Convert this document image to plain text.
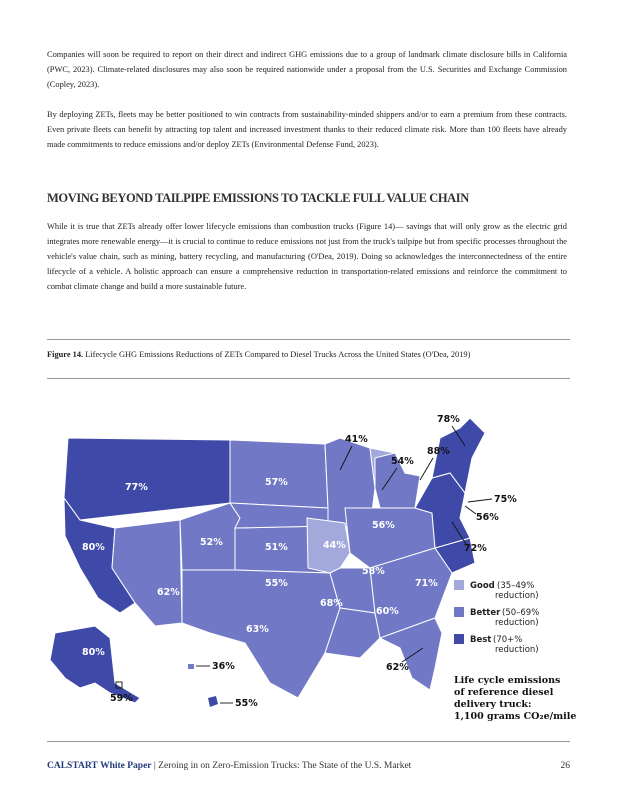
Companies will soon be required to report on their direct and indirect GHG emissions due to a group of landmark climate disclosure bills in California (PWC, 2023). Climate-related disclosures may also soon be required nationwide under a proposal from the U.S. Securities and Exchange Commission (Copley, 2023).

By deploying ZETs, fleets may be better positioned to win contracts from sustainability-minded shippers and/or to earn a premium from these contracts. Even private fleets can benefit by attracting top talent and increased investment thanks to their reduced climate risk. More than 100 fleets have already made commitments to reduce emissions and/or deploy ZETs (Environmental Defense Fund, 2023).

MOVING BEYOND TAILPIPE EMISSIONS TO TACKLE FULL VALUE CHAIN

While it is true that ZETs already offer lower lifecycle emissions than combustion trucks (Figure 14)— savings that will only grow as the electric grid integrates more renewable energy—it is crucial to continue to reduce emissions not just from the truck's tailpipe but from specific processes throughout the vehicle's value chain, such as mining, battery recycling, and manufacturing (O'Dea, 2019). Doing so acknowledges the interconnectedness of the entire lifecycle of a vehicle. A holistic approach can ensure a comprehensive reduction in transportation-related emissions and reinforce the commitment to combat climate change and build a more sustainable future.

Figure 14. Lifecycle GHG Emissions Reductions of ZETs Compared to Diesel Trucks Across the United States (O'Dea, 2019)

77%	57%
80%	52%	51%	44%
56%
58%
71%
62%
55%
68%
60%
63%
80%
41%
54%
88%
78%
75%
56%
72%
59%
36%
55%
62%
Good (35–49%
reduction)
Better (50–69%
reduction)
Best (70+%
reduction)
Life cycle emissions
of reference diesel
delivery truck:
1,100 grams CO₂e/mile
CALSTART White Paper | Zeroing in on Zero-Emission Trucks: The State of the U.S. Market	26
